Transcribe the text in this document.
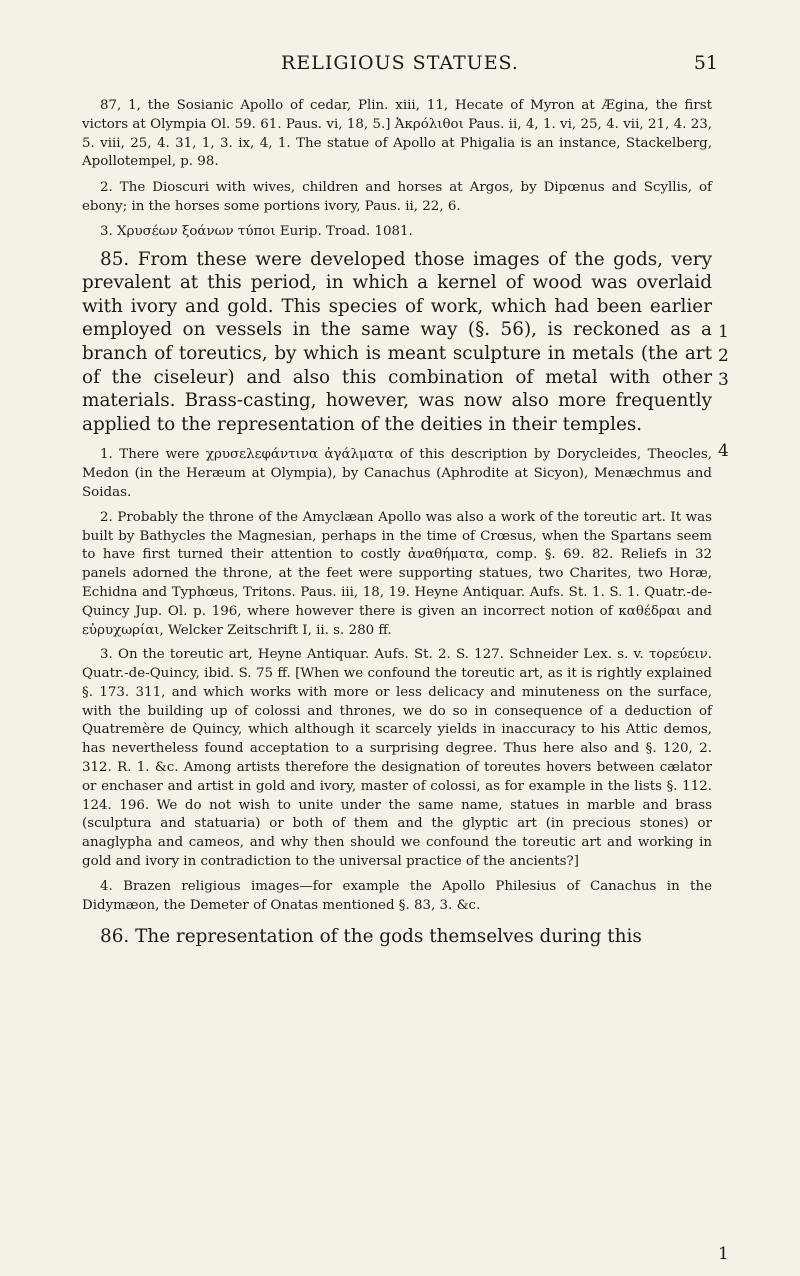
RELIGIOUS STATUES.	51

87, 1, the Sosianic Apollo of cedar, Plin. xiii, 11, Hecate of Myron at Ægina, the first victors at Olympia Ol. 59. 61. Paus. vi, 18, 5.] Ἀκρόλιθοι Paus. ii, 4, 1. vi, 25, 4. vii, 21, 4. 23, 5. viii, 25, 4. 31, 1, 3. ix, 4, 1. The statue of Apollo at Phigalia is an instance, Stackelberg, Apollotempel, p. 98.

2. The Dioscuri with wives, children and horses at Argos, by Dipœnus and Scyllis, of ebony; in the horses some portions ivory, Paus. ii, 22, 6.

3. Χρυσέων ξοάνων τύποι Eurip. Troad. 1081.

85. From these were developed those images of the gods, very prevalent at this period, in which a kernel of wood was overlaid with ivory and gold. This species of work, which had been earlier employed on vessels in the same way (§. 56), is reckoned as a branch of toreutics, by which is meant sculpture in metals (the art of the ciseleur) and also this combination of metal with other materials. Brass-casting, however, was now also more frequently applied to the representation of the deities in their temples.

1. There were χρυσελεφάντινα ἀγάλματα of this description by Dorycleides, Theocles, Medon (in the Heræum at Olympia), by Canachus (Aphrodite at Sicyon), Menæchmus and Soidas.

2. Probably the throne of the Amyclæan Apollo was also a work of the toreutic art. It was built by Bathycles the Magnesian, perhaps in the time of Crœsus, when the Spartans seem to have first turned their attention to costly ἀναθήματα, comp. §. 69. 82. Reliefs in 32 panels adorned the throne, at the feet were supporting statues, two Charites, two Horæ, Echidna and Typhœus, Tritons. Paus. iii, 18, 19. Heyne Antiquar. Aufs. St. 1. S. 1. Quatr.-de-Quincy Jup. Ol. p. 196, where however there is given an incorrect notion of καθέδραι and εὐρυχωρίαι, Welcker Zeitschrift I, ii. s. 280 ff.

3. On the toreutic art, Heyne Antiquar. Aufs. St. 2. S. 127. Schneider Lex. s. v. τορεύειν. Quatr.-de-Quincy, ibid. S. 75 ff. [When we confound the toreutic art, as it is rightly explained §. 173. 311, and which works with more or less delicacy and minuteness on the surface, with the building up of colossi and thrones, we do so in consequence of a deduction of Quatremère de Quincy, which although it scarcely yields in inaccuracy to his Attic demos, has nevertheless found acceptation to a surprising degree. Thus here also and §. 120, 2. 312. R. 1. &c. Among artists therefore the designation of toreutes hovers between cælator or enchaser and artist in gold and ivory, master of colossi, as for example in the lists §. 112. 124. 196. We do not wish to unite under the same name, statues in marble and brass (sculptura and statuaria) or both of them and the glyptic art (in precious stones) or anaglypha and cameos, and why then should we confound the toreutic art and working in gold and ivory in contradiction to the universal practice of the ancients?]

4. Brazen religious images—for example the Apollo Philesius of Canachus in the Didymæon, the Demeter of Onatas mentioned §. 83, 3. &c.

86. The representation of the gods themselves during this

1
2
3
4
1
